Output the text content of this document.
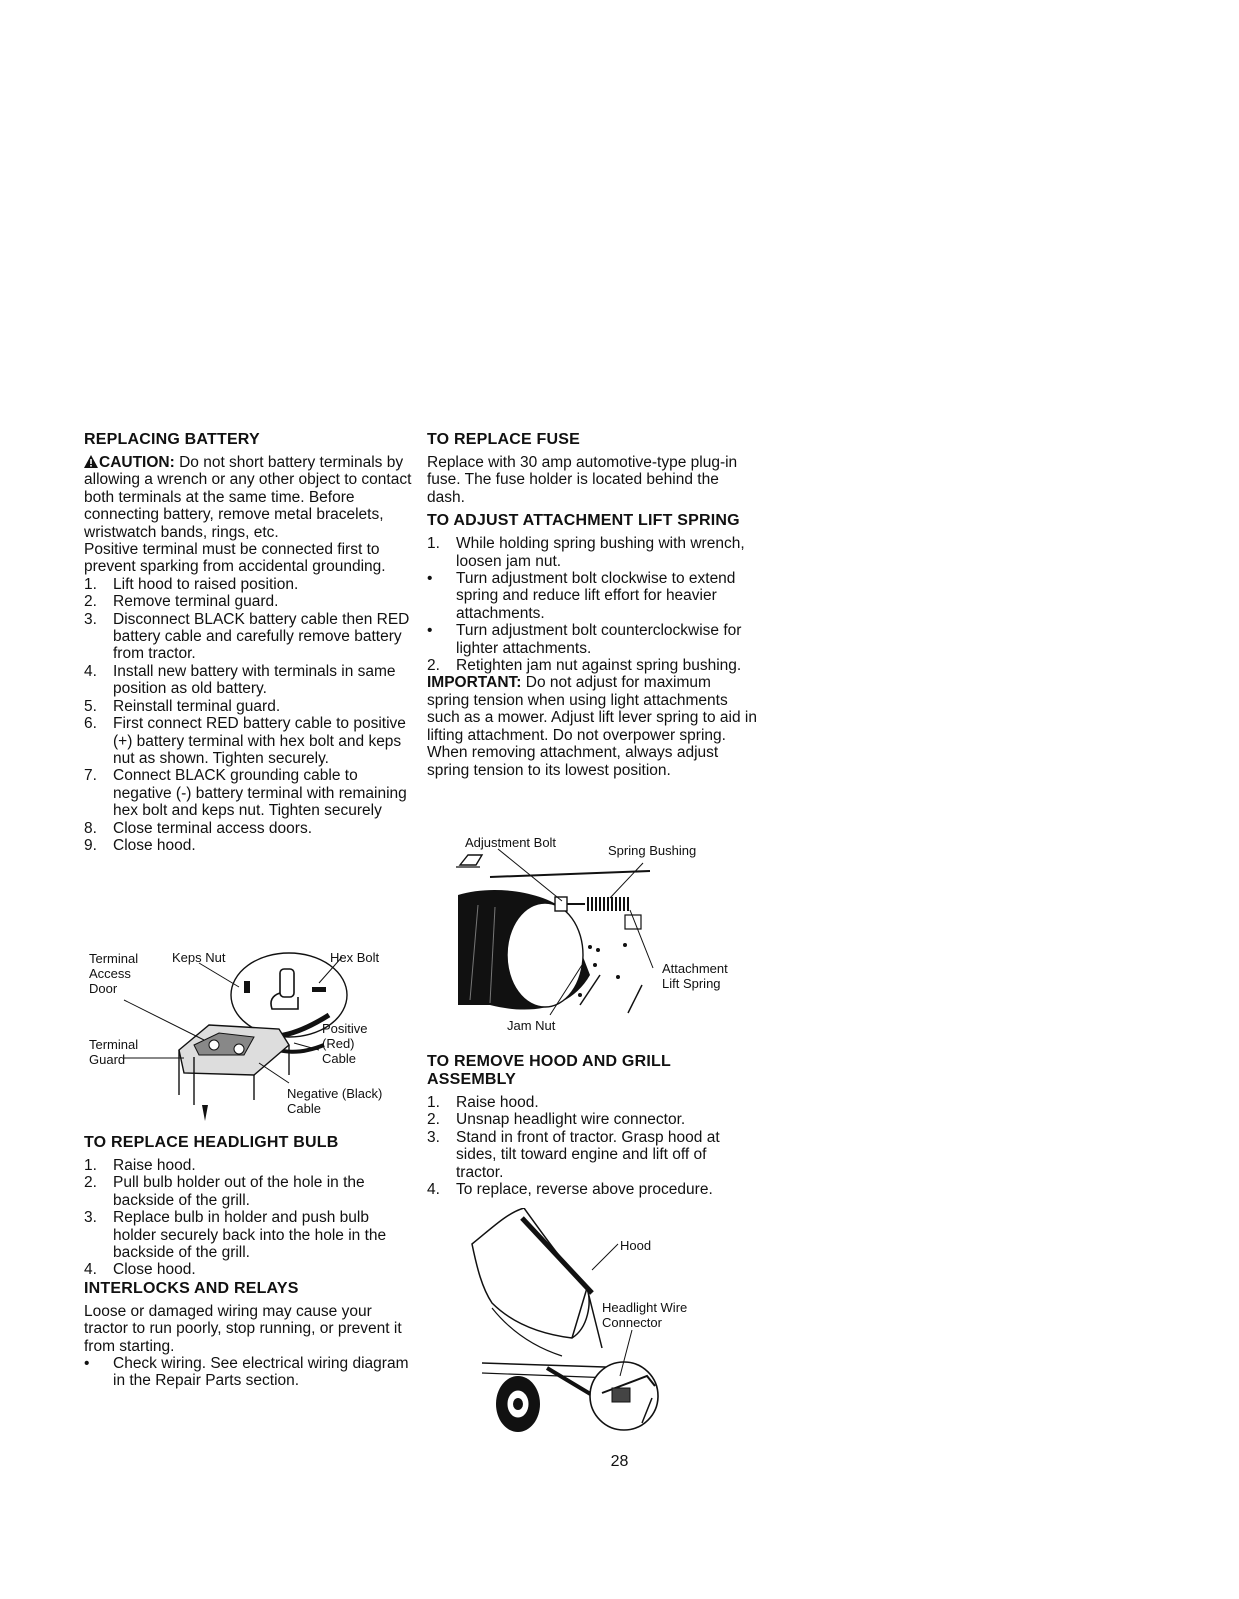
REPLACING BATTERY

CAUTION: Do not short battery terminals by allowing a wrench or any other object to contact both terminals at the same time. Before connecting battery, remove metal bracelets, wristwatch bands, rings, etc.

Positive terminal must be connected first to prevent sparking from accidental grounding.

1. Lift hood to raised position.
2. Remove terminal guard.
3. Disconnect BLACK battery cable then RED battery cable and carefully remove battery from tractor.
4. Install new battery with terminals in same position as old battery.
5. Reinstall terminal guard.
6. First connect RED battery cable to positive (+) battery terminal with hex bolt and keps nut as shown. Tighten securely.
7. Connect BLACK grounding cable to negative (-) battery terminal with remaining hex bolt and keps nut. Tighten securely
8. Close terminal access doors.
9. Close hood.
Terminal
Access
Door
Keps Nut	Hex Bolt
Positive
(Red)
Cable
Terminal
Guard
Negative (Black)
Cable
TO REPLACE HEADLIGHT BULB
1. Raise hood.
2. Pull bulb holder out of the hole in the backside of the grill.
3. Replace bulb in holder and push bulb holder securely back into the hole in the backside of the grill.
4. Close hood.
INTERLOCKS AND RELAYS

Loose or damaged wiring may cause your tractor to run poorly, stop running, or prevent it from starting.

• Check wiring. See electrical wiring diagram in the Repair Parts section.
TO REPLACE FUSE

Replace with 30 amp automotive-type plug-in fuse. The fuse holder is located behind the dash.

TO ADJUST ATTACHMENT LIFT SPRING
1. While holding spring bushing with wrench, loosen jam nut.
• Turn adjustment bolt clockwise to extend spring and reduce lift effort for heavier attachments.
• Turn adjustment bolt counterclockwise for lighter attachments.
2. Retighten jam nut against spring bushing.

IMPORTANT: Do not adjust for maximum spring tension when using light attachments such as a mower. Adjust lift lever spring to aid in lifting attachment. Do not overpower spring. When removing attachment, always adjust spring tension to its lowest position.

Adjustment Bolt
Spring Bushing
Attachment
Lift Spring
Jam Nut
TO REMOVE HOOD AND GRILL ASSEMBLY
1. Raise hood.
2. Unsnap headlight wire connector.
3. Stand in front of tractor. Grasp hood at sides, tilt toward engine and lift off of tractor.
4. To replace, reverse above procedure.
Hood
Headlight Wire
Connector
28
